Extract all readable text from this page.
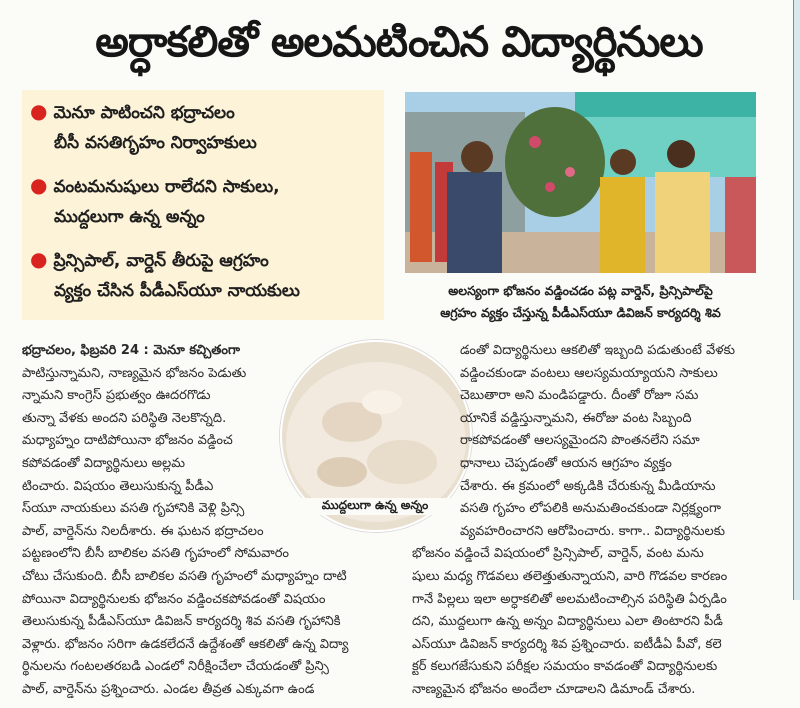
అర్ధాకలితో అలమటించిన విద్యార్థినులు
● మెనూ పాటించని భద్రాచలం
బీసీ వసతిగృహం నిర్వాహకులు
● వంటమనుషులు రాలేదని సాకులు,
ముద్దలుగా ఉన్న అన్నం
● ప్రిన్సిపాల్, వార్డెన్ తీరుపై ఆగ్రహం
వ్యక్తం చేసిన పీడీఎస్‌యూ నాయకులు	అలస్యంగా భోజనం వడ్డించడం పట్ల వార్డెన్, ప్రిన్సిపాల్‌పై
ఆగ్రహం వ్యక్తం చేస్తున్న పీడీఎస్‌యూ డివిజన్ కార్యదర్శి శివ
భద్రాచలం, ఫిబ్రవరి 24 : మెనూ కచ్చితంగా
పాటిస్తున్నామని, నాణ్యమైన భోజనం పెడుతు
న్నామని కాంగ్రెస్ ప్రభుత్వం ఊదరగొడు
తున్నా వేళకు అందని పరిస్థితి నెలకొన్నది.
మధ్యాహ్నం దాటిపోయినా భోజనం వడ్డించ
కపోవడంతో విద్యార్థినులు అల్లమ
టించారు. విషయం తెలుసుకున్న పీడీఎ
స్‌యూ నాయకులు వసతి గృహానికి వెళ్లి ప్రిన్సి
పాల్, వార్డెన్‌ను నిలదీశారు. ఈ ఘటన భద్రాచలం
పట్టణంలోని బీసీ బాలికల వసతి గృహంలో సోమవారం
చోటు చేసుకుంది. బీసీ బాలికల వసతి గృహంలో మధ్యాహ్నం దాటి
పోయినా విద్యార్థినులకు భోజనం వడ్డించకపోవడంతో విషయం
తెలుసుకున్న పీడీఎస్‌యూ డివిజన్ కార్యదర్శి శివ వసతి గృహానికి
వెళ్లారు. భోజనం సరిగా ఉడకలేదనే ఉద్దేశంతో ఆకలితో ఉన్న విద్యా
ర్థినులను గంటలతరబడి ఎండలో నిరీక్షించేలా చేయడంతో ప్రిన్సి
పాల్, వార్డెన్‌ను ప్రశ్నించారు. ఎండల తీవ్రత ఎక్కువగా ఉండ
ముద్దలుగా ఉన్న అన్నం
డంతో విద్యార్థినులు ఆకలితో ఇబ్బంది పడుతుంటే వేళకు
వడ్డించకుండా వంటలు ఆలస్యమయ్యాయని సాకులు
చెబుతారా అని మండిపడ్డారు. దీంతో రోజూ సమ
యానికే వడ్డిస్తున్నామని, ఈరోజు వంట సిబ్బంది
రాకపోవడంతో ఆలస్యమైందని పొంతనలేని సమా
ధానాలు చెప్పడంతో ఆయన ఆగ్రహం వ్యక్తం
చేశారు. ఈ క్రమంలో అక్కడికి చేరుకున్న మీడియాను
వసతి గృహం లోపలికి అనుమతించకుండా నిర్లక్ష్యంగా
వ్యవహరించారని ఆరోపించారు. కాగా.. విద్యార్థినులకు
భోజనం వడ్డించే విషయంలో ప్రిన్సిపాల్, వార్డెన్, వంట మను
షులు మధ్య గొడవలు తలెత్తుతున్నాయని, వారి గొడవల కారణం
గానే పిల్లలు ఇలా అర్ధాకలితో అలమటించాల్సిన పరిస్థితి ఏర్పడిం
దని, ముద్దలుగా ఉన్న అన్నం విద్యార్థినులు ఎలా తింటారని పీడీ
ఎస్‌యూ డివిజన్ కార్యదర్శి శివ ప్రశ్నించారు. ఐటీడీఏ పీవో, కలె
క్టర్ కలుగజేసుకుని పరీక్షల సమయం కావడంతో విద్యార్థినులకు
నాణ్యమైన భోజనం అందేలా చూడాలని డిమాండ్ చేశారు.
